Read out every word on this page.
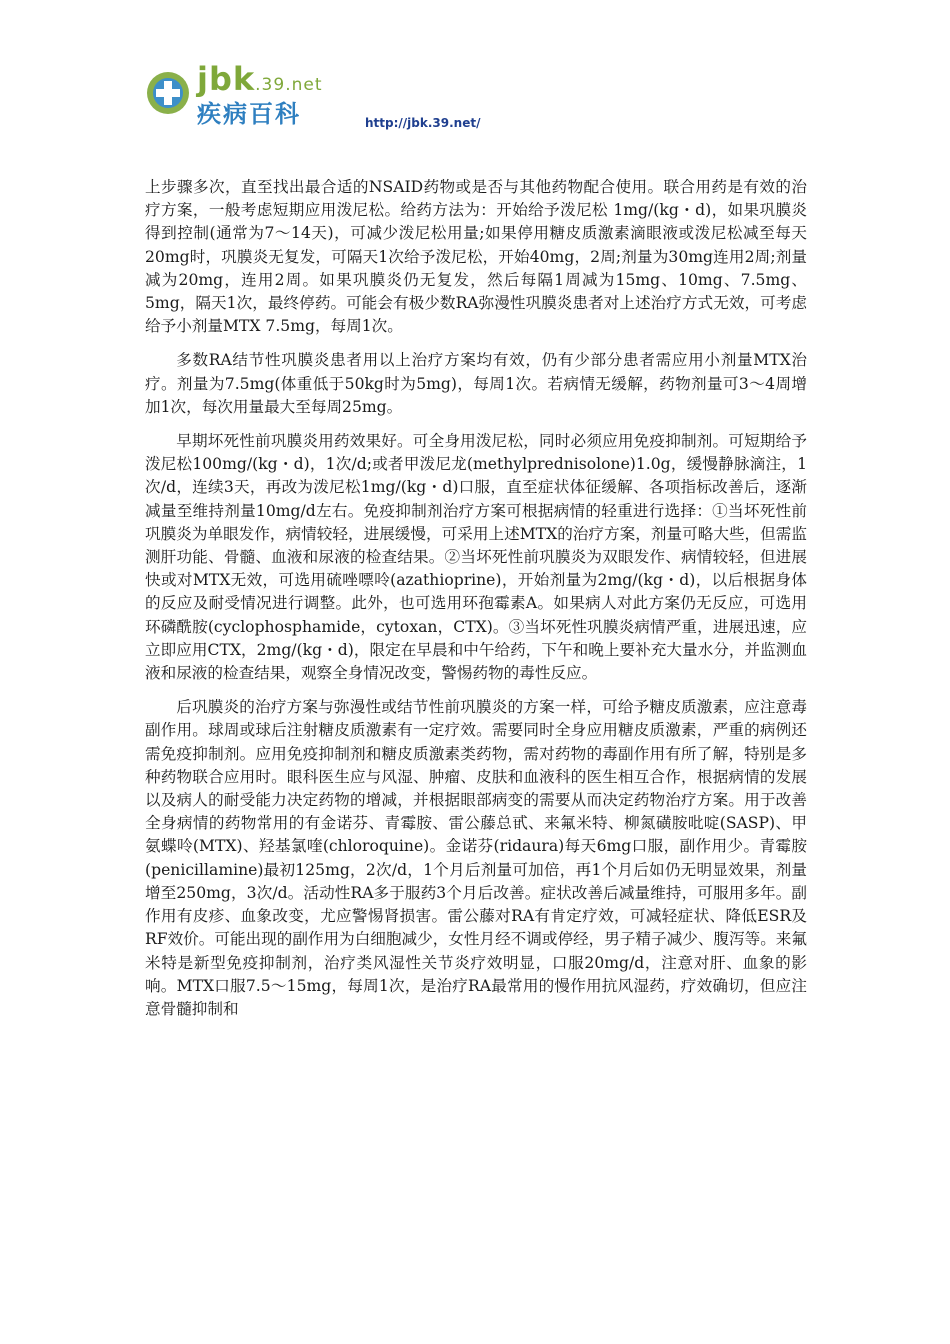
jbk.39.net
疾病百科	http://jbk.39.net/

上步骤多次，直至找出最合适的NSAID药物或是否与其他药物配合使用。联合用药是有效的治疗方案，一般考虑短期应用泼尼松。给药方法为：开始给予泼尼松 1mg/(kg・d)，如果巩膜炎得到控制(通常为7～14天)，可减少泼尼松用量;如果停用糖皮质激素滴眼液或泼尼松减至每天20mg时，巩膜炎无复发，可隔天1次给予泼尼松，开始40mg，2周;剂量为30mg连用2周;剂量减为20mg，连用2周。如果巩膜炎仍无复发，然后每隔1周减为15mg、10mg、7.5mg、5mg，隔天1次，最终停药。可能会有极少数RA弥漫性巩膜炎患者对上述治疗方式无效，可考虑给予小剂量MTX 7.5mg，每周1次。

多数RA结节性巩膜炎患者用以上治疗方案均有效，仍有少部分患者需应用小剂量MTX治疗。剂量为7.5mg(体重低于50kg时为5mg)，每周1次。若病情无缓解，药物剂量可3～4周增加1次，每次用量最大至每周25mg。

早期坏死性前巩膜炎用药效果好。可全身用泼尼松，同时必须应用免疫抑制剂。可短期给予泼尼松100mg/(kg・d)，1次/d;或者甲泼尼龙(methylprednisolone)1.0g，缓慢静脉滴注，1次/d，连续3天，再改为泼尼松1mg/(kg・d)口服，直至症状体征缓解、各项指标改善后，逐渐减量至维持剂量10mg/d左右。免疫抑制剂治疗方案可根据病情的轻重进行选择：①当坏死性前巩膜炎为单眼发作，病情较轻，进展缓慢，可采用上述MTX的治疗方案，剂量可略大些，但需监测肝功能、骨髓、血液和尿液的检查结果。②当坏死性前巩膜炎为双眼发作、病情较轻，但进展快或对MTX无效，可选用硫唑嘌呤(azathioprine)，开始剂量为2mg/(kg・d)，以后根据身体的反应及耐受情况进行调整。此外，也可选用环孢霉素A。如果病人对此方案仍无反应，可选用环磷酰胺(cyclophosphamide，cytoxan，CTX)。③当坏死性巩膜炎病情严重，进展迅速，应立即应用CTX，2mg/(kg・d)，限定在早晨和中午给药，下午和晚上要补充大量水分，并监测血液和尿液的检查结果，观察全身情况改变，警惕药物的毒性反应。

后巩膜炎的治疗方案与弥漫性或结节性前巩膜炎的方案一样，可给予糖皮质激素，应注意毒副作用。球周或球后注射糖皮质激素有一定疗效。需要同时全身应用糖皮质激素，严重的病例还需免疫抑制剂。应用免疫抑制剂和糖皮质激素类药物，需对药物的毒副作用有所了解，特别是多种药物联合应用时。眼科医生应与风湿、肿瘤、皮肤和血液科的医生相互合作，根据病情的发展以及病人的耐受能力决定药物的增减，并根据眼部病变的需要从而决定药物治疗方案。用于改善全身病情的药物常用的有金诺芬、青霉胺、雷公藤总甙、来氟米特、柳氮磺胺吡啶(SASP)、甲氨蝶呤(MTX)、羟基氯喹(chloroquine)。金诺芬(ridaura)每天6mg口服，副作用少。青霉胺(penicillamine)最初125mg，2次/d，1个月后剂量可加倍，再1个月后如仍无明显效果，剂量增至250mg，3次/d。活动性RA多于服药3个月后改善。症状改善后减量维持，可服用多年。副作用有皮疹、血象改变，尤应警惕肾损害。雷公藤对RA有肯定疗效，可减轻症状、降低ESR及RF效价。可能出现的副作用为白细胞减少，女性月经不调或停经，男子精子减少、腹泻等。来氟米特是新型免疫抑制剂，治疗类风湿性关节炎疗效明显，口服20mg/d，注意对肝、血象的影响。MTX口服7.5～15mg，每周1次，是治疗RA最常用的慢作用抗风湿药，疗效确切，但应注意骨髓抑制和
